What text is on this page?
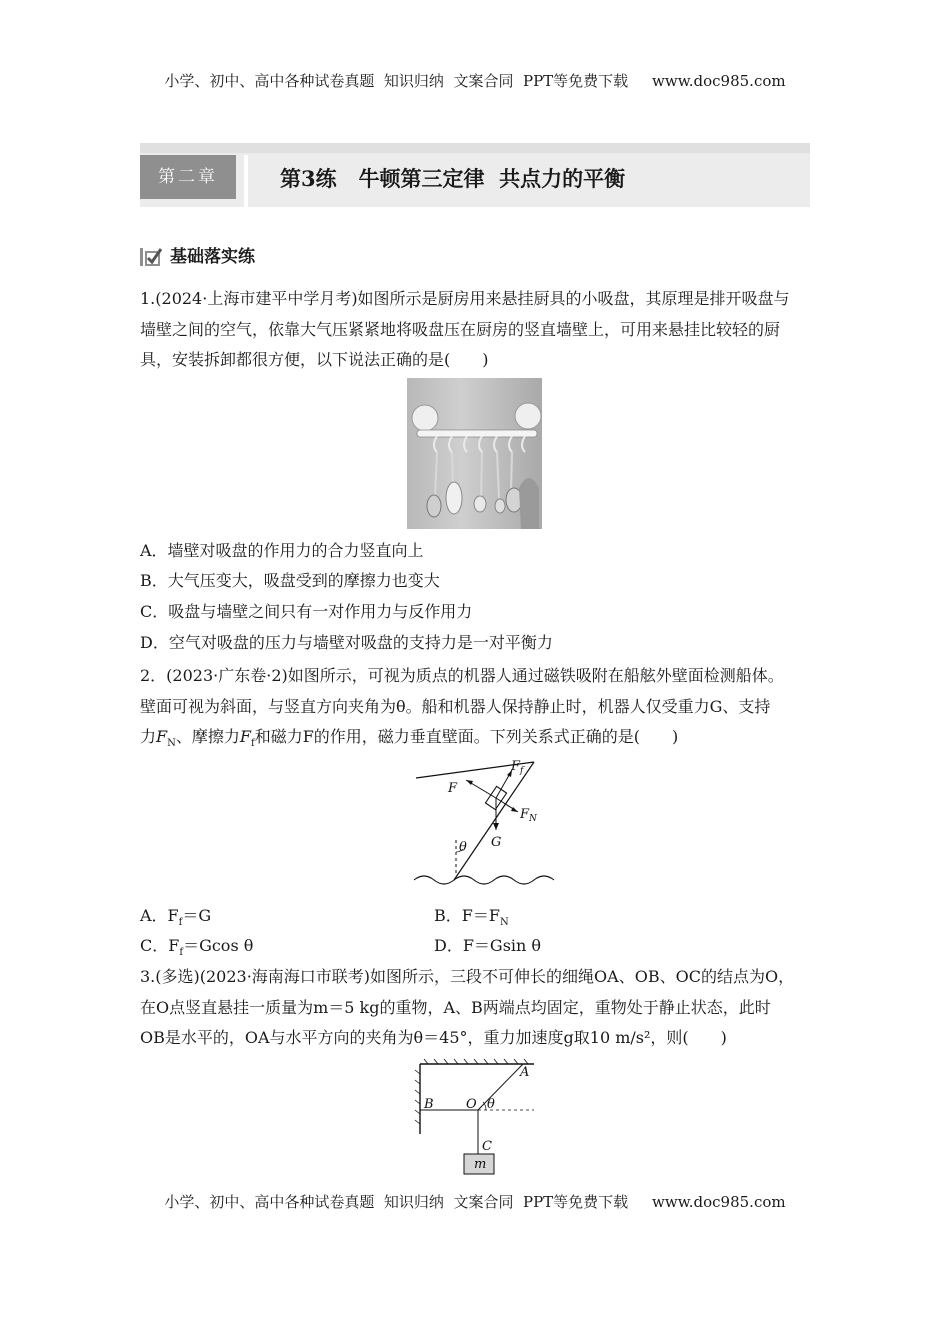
小学、初中、高中各种试卷真题  知识归纳  文案合同  PPT等免费下载     www.doc985.com
第二章	第3练   牛顿第三定律  共点力的平衡
基础落实练

1.(2024·上海市建平中学月考)如图所示是厨房用来悬挂厨具的小吸盘，其原理是排开吸盘与

墙壁之间的空气，依靠大气压紧紧地将吸盘压在厨房的竖直墙壁上，可用来悬挂比较轻的厨

具，安装拆卸都很方便，以下说法正确的是(　　)

A．墙壁对吸盘的作用力的合力竖直向上
B．大气压变大，吸盘受到的摩擦力也变大
C．吸盘与墙壁之间只有一对作用力与反作用力
D．空气对吸盘的压力与墙壁对吸盘的支持力是一对平衡力

2．(2023·广东卷·2)如图所示，可视为质点的机器人通过磁铁吸附在船舷外壁面检测船体。

壁面可视为斜面，与竖直方向夹角为θ。船和机器人保持静止时，机器人仅受重力G、支持

力$F_N$、摩擦力$F_f$和磁力F的作用，磁力垂直壁面。下列关系式正确的是(　　)

$F_f$
F
$F_N$
G
θ
A．$F_f=G$	B．$F=F_N$
C．$F_f=Gcos$ θ	D．F＝Gsin θ

3.(多选)(2023·海南海口市联考)如图所示，三段不可伸长的细绳OA、OB、OC的结点为O，

在O点竖直悬挂一质量为m＝5 kg的重物，A、B两端点均固定，重物处于静止状态，此时

OB是水平的，OA与水平方向的夹角为θ＝45°，重力加速度g取10 m/s²，则(　　)

A
B O θ
C
m
小学、初中、高中各种试卷真题  知识归纳  文案合同  PPT等免费下载     www.doc985.com
